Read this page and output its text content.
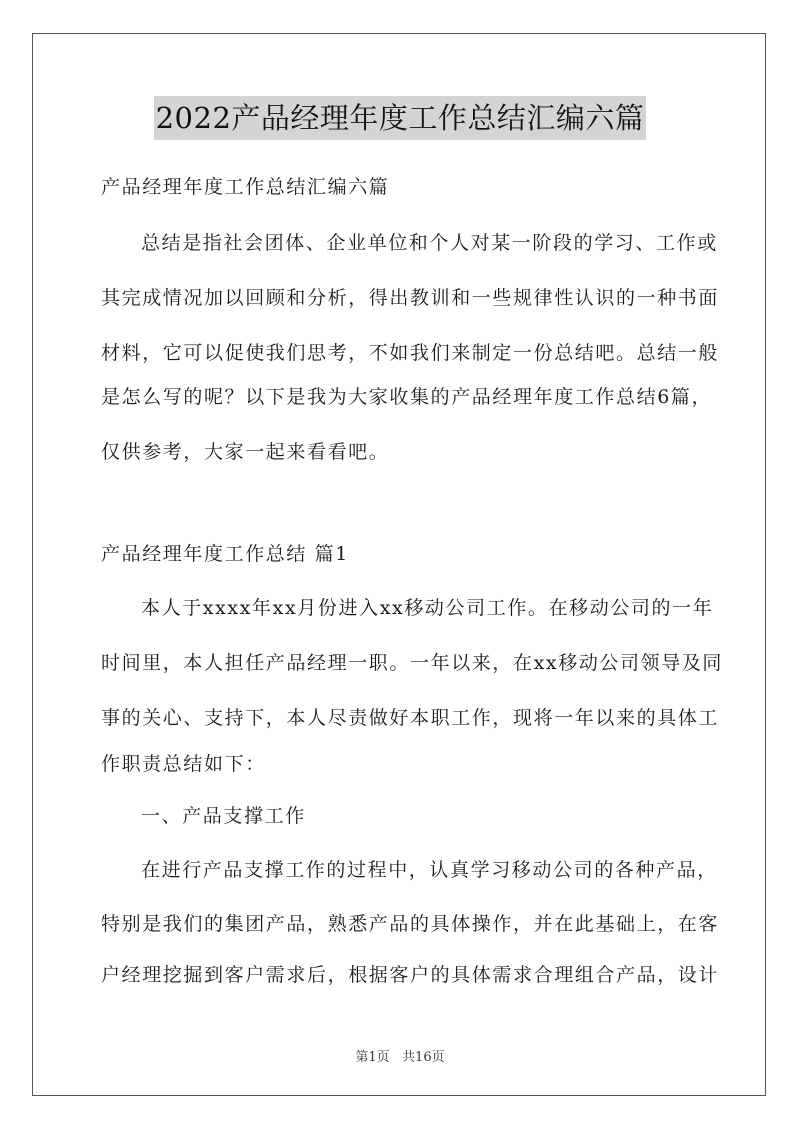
2022产品经理年度工作总结汇编六篇
产品经理年度工作总结汇编六篇
总结是指社会团体、企业单位和个人对某一阶段的学习、工作或
其完成情况加以回顾和分析，得出教训和一些规律性认识的一种书面
材料，它可以促使我们思考，不如我们来制定一份总结吧。总结一般
是怎么写的呢？以下是我为大家收集的产品经理年度工作总结6篇，
仅供参考，大家一起来看看吧。
产品经理年度工作总结 篇1
本人于xxxx年xx月份进入xx移动公司工作。在移动公司的一年
时间里，本人担任产品经理一职。一年以来，在xx移动公司领导及同
事的关心、支持下，本人尽责做好本职工作，现将一年以来的具体工
作职责总结如下：
一、产品支撑工作
在进行产品支撑工作的过程中，认真学习移动公司的各种产品，
特别是我们的集团产品，熟悉产品的具体操作，并在此基础上，在客
户经理挖掘到客户需求后，根据客户的具体需求合理组合产品，设计
第1页   共16页
